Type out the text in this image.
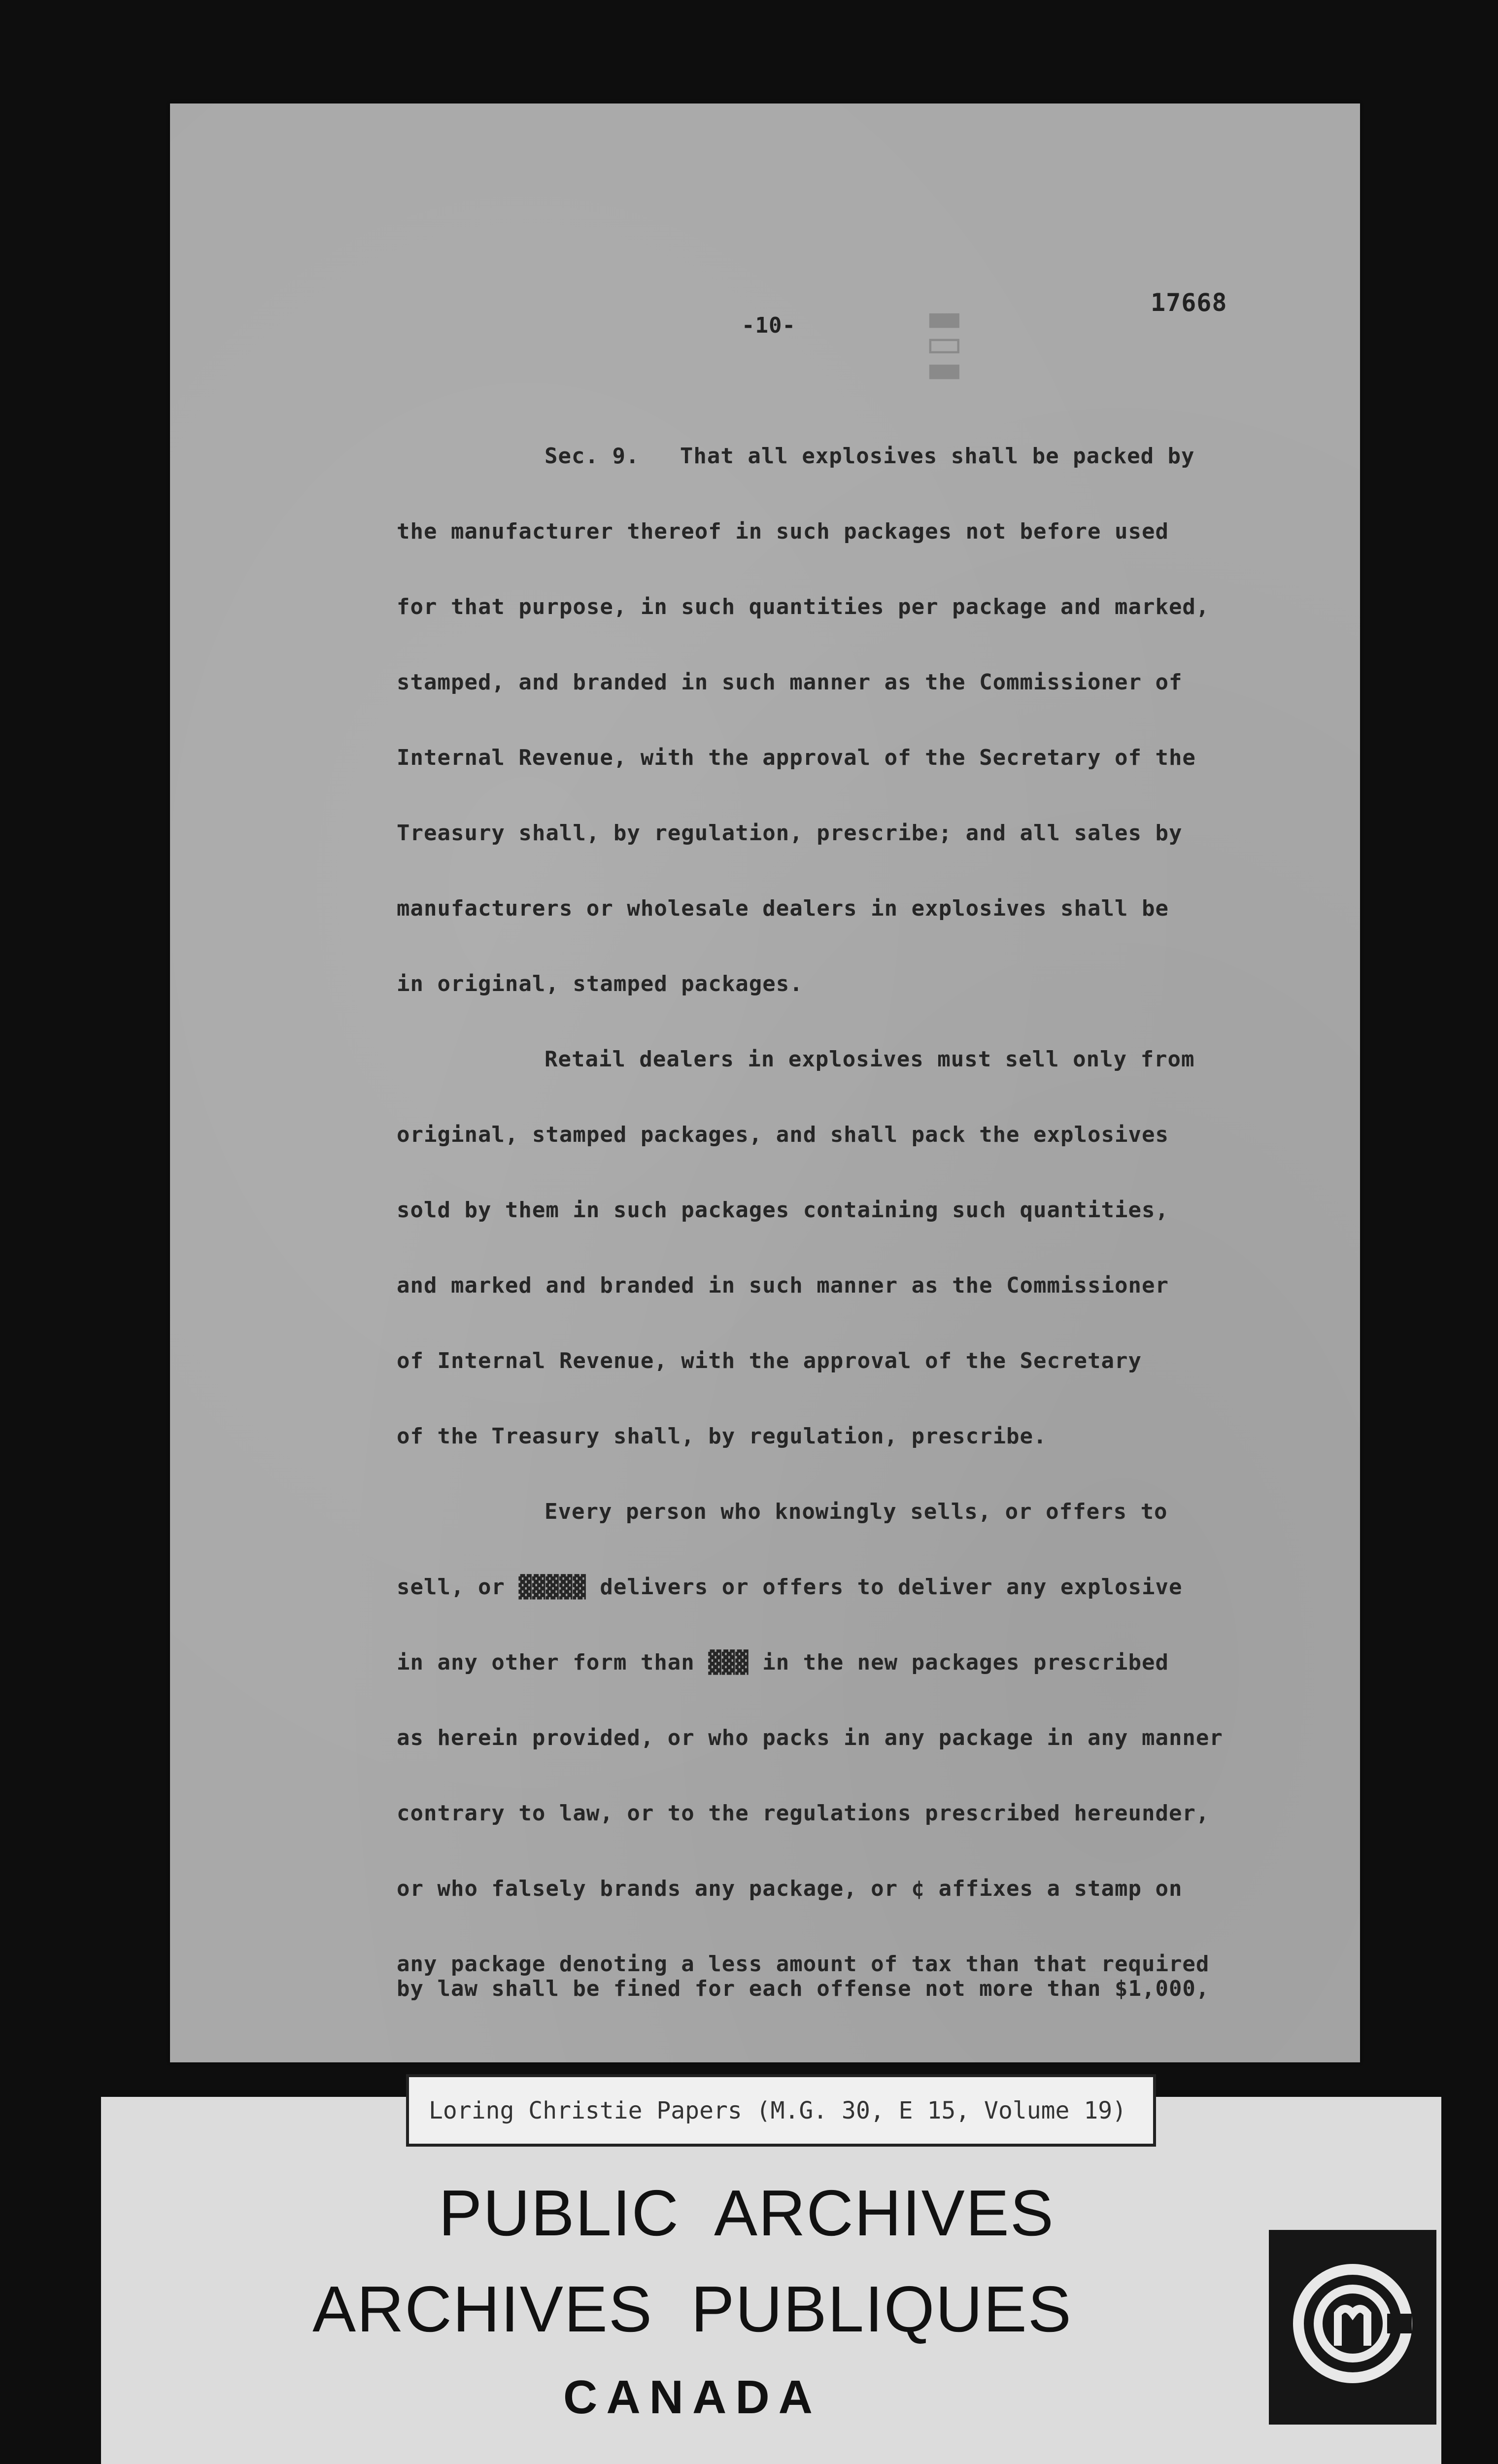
▮▯▮
-10-
17668
Sec. 9.   That all explosives shall be packed by
the manufacturer thereof in such packages not before used
for that purpose, in such quantities per package and marked,
stamped, and branded in such manner as the Commissioner of
Internal Revenue, with the approval of the Secretary of the
Treasury shall, by regulation, prescribe; and all sales by
manufacturers or wholesale dealers in explosives shall be
in original, stamped packages.
Retail dealers in explosives must sell only from
original, stamped packages, and shall pack the explosives
sold by them in such packages containing such quantities,
and marked and branded in such manner as the Commissioner
of Internal Revenue, with the approval of the Secretary
of the Treasury shall, by regulation, prescribe.
Every person who knowingly sells, or offers to
sell, or ▓▓▓▓▓ delivers or offers to deliver any explosive
in any other form than ▓▓▓ in the new packages prescribed
as herein provided, or who packs in any package in any manner
contrary to law, or to the regulations prescribed hereunder,
or who falsely brands any package, or ¢ affixes a stamp on
any package denoting a less amount of tax than that required
by law shall be fined for each offense not more than $1,000,
Loring Christie Papers (M.G. 30, E 15, Volume 19)
PUBLIC  ARCHIVES
ARCHIVES  PUBLIQUES
CANADA
